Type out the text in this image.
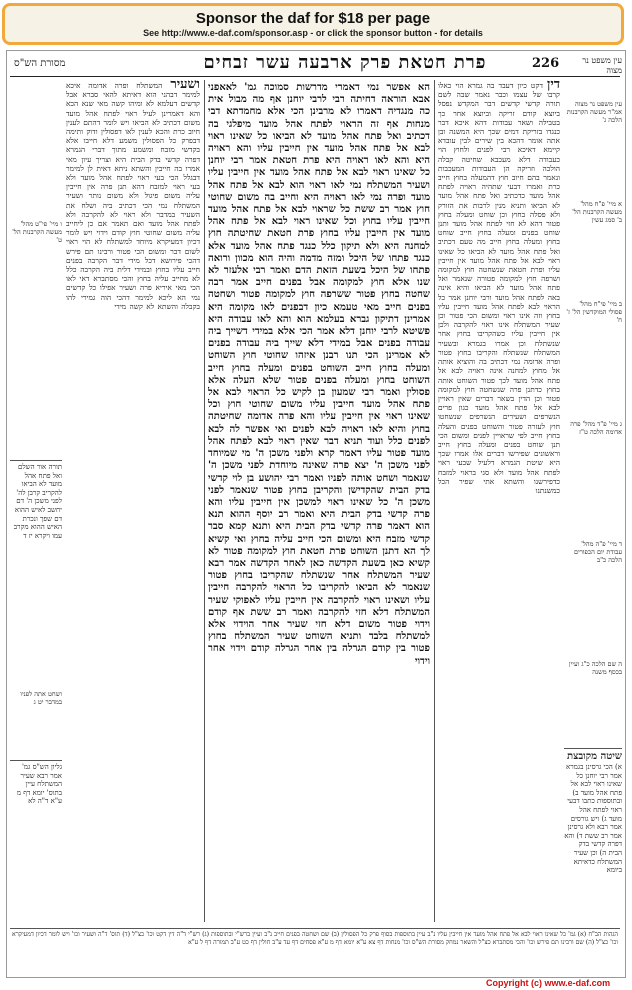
Sponsor the daf for $18 per page
See http://www.e-daf.com/sponsor.asp - or click the sponsor button - for details
226
פרת חטאת פרק ארבעה עשר זבחים
מסורת הש"ס	עין משפט נר מצוה
דין דקט כיון דעבד בה גמרא הוי כאלו קרבו של עצמו וכבר נאמר שבה לשם תורה קדשי קדשים דבר המקדש נפסל ביוצא קודם זריקה וביוצא אחר כך בטבילה ושאר עבודות דהא איכא דבר כנגדו בזריקת דמים שכך היא המשנה ובן אתה אומר דהכא בין שירים לבין עובדא קיימא דאיכא רבי לפנים ולחוץ הוי כעבודה דלא מעכבא שחיטה קבלה הולכה וזריקה הן העבודות המעכבות ונאמר בהם חיוב חוץ דהמעלה בחוץ חייב כרת ואמרו דבעי שתהיה ראויה לפתח אהל מועד כדכתיב ואל פתח אהל מועד לא הביאו ותניא מנין לרבות את הזורק ולא פסלה בחוץ וכן שוחט ומעלה בחוץ פטור דהא לא חזי לפתח אהל מועד ותנן שוחט בפנים ומעלה בחוץ חייב שוחט בחוץ ומעלה בחוץ חייב מה טעם דכתיב ואל פתח אהל מועד לא הביאו כל שאינו ראוי לבא אל פתח אהל מועד אין חייבין עליו ופרת חטאת שנשחטה חוץ למקומה ושרפה חוץ למקומה פטורה שנאמר ואל פתח אהל מועד לא הביאו והיא אינה באה לפתח אהל מועד ורבי יוחנן אמר כל הראוי לבא לפתח אהל מועד חייבין עליו בחוץ וזה אינו ראוי ומשום הכי פטור וכן שעיר המשתלח אינו ראוי להקרבה ולכן אין חייבין עליו כשהקריבו בחוץ אחר שנשתלח וכן אמרו בגמרא ובשעיר המשתלח שנשתלח והקריבו בחוץ פטור ופרה אדומה נמי דכתיב בה והוציא אותה אל מחוץ למחנה אינה ראויה לבא אל פתח אהל מועד לכך פטור השוחט אותה בחוץ כדתנן פרה שנשחטה חוץ למקומה פטור וכן הדין בשאר דברים שאין ראויין לבא אל פתח אהל מועד כגון פרים הנשרפים ושעירים הנשרפים שנשחטו חוץ לעזרה פטור והשוחט בפנים והעלה בחוץ חייב לפי שראויין לפנים ומשום הכי תנן שוחט בפנים ומעלה בחוץ חייב וראשונים שפירשו דברים אלו אמרו שכך היא שיטת הגמרא דלעיל שבעי ראוי לפתח אהל מועד ולא סגי בראוי למזבח כדפירשנו והשתא אתי שפיר הכל כמשנתנו
הא אפשר נמי דאמרי מדרשות סמוכה גמ' לאאפני אבא הוראה דחיתה רבי לרבי יוחנן אף מה מבול אית כה מנגדיה דאמרו לא מרבינן הכי אלא מחמדתא דבי מנחות אף זה הראוי לפתח אהל מועד מיפלגי בה דכתיב ואל פתח אהל מועד לא הביאו כל שאינו ראוי לבא אל פתח אהל מועד אין חייבין עליו והא ראויה היא והא לאו ראויה היא פרת חטאת אמר רבי יוחנן כל שאינו ראוי לבא אל פתח אהל מועד אין חייבין עליו ושעיר המשתלח נמי לאו ראוי הוא לבא אל פתח אהל מועד ופרה נמי לאו ראויה היא וחייב בה משום שחוטי חוץ אמר רב ששת כל שראוי לבא אל פתח אהל מועד חייבין עליו בחוץ וכל שאינו ראוי לבא אל פתח אהל מועד אין חייבין עליו בחוץ פרת חטאת שחיטתה חוץ למחנה היא ולא תיקון כלל כנגד פתח אהל מועד אלא כנגד פתחו של היכל ומזה מדמה והיה הוא מכוון ורואה פתחו של היכל בשעת הזאת הדם ואמר רבי אלעזר לא שנו אלא חוץ למקומה אבל בפנים חייב אמר רבה שחטה בחוץ פטור ששרפה חוץ למקומה פטור ושחטה בפנים חייב מאי טעמא כיון דבפנים לאו מקומה היא אמרינן דתיקון גברא בעלמא הוא והא לאו עבודה היא פשיטא לרבי יוחנן דלא אמר הכי אלא במידי דשייך ביה עבודה בפנים אבל במידי דלא שייך ביה עבודה בפנים לא אמרינן הכי תנו רבנן איזהו שחוטי חוץ השוחט ומעלה בחוץ חייב השוחט בפנים ומעלה בחוץ חייב השוחט בחוץ ומעלה בפנים פטור שלא העלה אלא פסולין ואמר רבי שמעון בן לקיש כל הראוי לבא אל פתח אהל מועד חייבין עליו משום שחוטי חוץ וכל שאינו ראוי אין חייבין עליו והא פרה אדומה שחיטתה בחוץ והיא לאו ראויה לבא לפנים ואי אפשר לה לבא לפנים כלל ועוד תניא דבר שאין ראוי לבא לפתח אהל מועד פטור עליו דאמר קרא ולפני משכן ה' מי שמיוחד לפני משכן ה' יצא פרה שאינה מיוחדת לפני משכן ה' שנאמר ושחט אותה לפניו ואמר רבי יהושע בן לוי קדשי בדק הבית שהקדישן והקריבן בחוץ פטור שנאמר לפני משכן ה' כל שאינו ראוי למשכן אין חייבין עליו והא פרה קדשי בדק הבית היא ואמר רב יוסף ההוא תנא הוא דאמר פרה קדשי בדק הבית היא ותנא קמא סבר קדשי מזבח היא ומשום הכי חייב עליה בחוץ ואי קשיא לך הא דתנן השוחט פרת חטאת חוץ למקומה פטור לא קשיא כאן בשעת הקדשה כאן לאחר הקדשה אמר רבא שעיר המשתלח אחר שנשתלח שהקריבו בחוץ פטור שנאמר לא הביאו להקריבו כל הראוי להקרבה חייבין עליו ושאינו ראוי להקרבה אין חייבין עליו לאפוקי שעיר המשתלח דלא חזי להקרבה ואמר רב ששת אף קודם וידוי פטור משום דלא חזי שעיר אחר הוידוי אלא למשתלח בלבד ותניא השוחט שעיר המשתלח בחוץ פטור בין קודם הגרלה בין אחר הגרלה קודם וידוי אחר וידוי
ושעיר המשתלח ופרה אדומה איכא למימר דבהני הוא דאיתא להאי סברא אבל קדשים דעלמא לא ומיהו קשה מאי שנא הכא והא דאמרינן לעיל ראוי לפתח אהל מועד משום דכתיב לא הביאו ויש לומר דהתם לענין חיוב כרת והכא לענין לאו דפסולין ודוק ותימה דבפרק כל הפסולין משמע דלא חייבו אלא בקדשי מזבח ומשמע מתוך דברי הגמרא דפרה קדשי בדק הבית היא וצריך עיון מאי אמרו בה חייבין והשתא ניחא דאית לן למימר דבגלל הכי בעי ראוי לפתח אהל מועד ולא בעי ראוי למזבח דהא תנן פרה אין חייבין עליה משום פיגול ולא משום נותר ושעיר המשתלח נמי הכי דכתיב ביה ושלח את השעיר במדבר ולא ראוי לא להקרבה ולא לפתח אהל מועד ואם תאמר אם כן ליחייב עליה משום שחוטי חוץ קודם וידוי ויש לומר דכיון דמעיקרא מיוחד למשתלח לא הוי ראוי לשום דבר ומשום הכי פטור ורבינו תם פירש דהכי פירושא דכל מידי דבר הקרבה בפנים חייב עליו בחוץ ובמידי דלית ביה הקרבה כלל לא מחייב עליה בחוץ והכי מסתברא דאי לאו הכי מאי איריא פרה ושעיר אפילו כל קדשים נמי הא ליכא למימר דהכי הוה גמירי להו בקבלה והשתא לא קשה מידי
עין משפט נר מצוה אמ"ר מעשה הקרבנות הלכה ג'
א מיי' פ"ח מהל' מעשה הקרבנות הל' ב' סמג עשין
ב מיי' פי"ח מהל' פסולי המוקדשין הל' ז' ח'
ג מיי' פ"ד מהל' פרה אדומה הלכה ט"ז
ד מיי' פ"ה מהל' עבודת יום הכפורים הלכה כ"ב
ה שם הלכה כ"ג ועיין בכסף משנה
שיטה מקובצת
א) הכי גרסינן בגמרא אמר רבי יוחנן כל שאינו ראוי לבא אל פתח אהל מועד ב) ובתוספות כתבו דבעי ראוי לפתח אהל מועד ג) ויש גורסים אמר רבא ולא גרסינן אמר רב ששת ד) והא דפרה קדשי בדק הבית ה) וכן שעיר המשתלח כדאיתא ביומא
ו מיי' פי"ט מהל' מעשה הקרבנות הל' ט'
תורה אור השלם ואל פתח אהל מועד לא הביאו להקריב קרבן לה' לפני משכן ה' דם יחשב לאיש ההוא דם שפך ונכרת האיש ההוא מקרב עמו ויקרא יז ד
ושחט אתה לפניו במדבר יט ג
גליון הש"ס גמ' אמר רבא שעיר המשתלח עיין בתוס' יומא דף מ ע"א ד"ה לא
הגהות הב"ח (א) גמ' כל שאינו ראוי לבא אל פתח אהל מועד אין חייבין עליו נ"ב עיין בתוספות בסוף פרק כל הפסולין (ב) שם ושחטה בפנים חייב נ"ב ועיין ברש"י ובתוספות (ג) רש"י ד"ה דין דקט וכו' כצ"ל (ד) תוס' ד"ה ושעיר וכו' ויש לומר דכיון דמעיקרא וכו' כצ"ל (ה) שם ורבינו תם פירש וכו' והכי מסתברא כצ"ל והשאר נמחק מסורת הש"ס וכו' מנחות דף צא ע"א יומא דף מ ע"א פסחים דף עד ע"ב חולין דף כט ע"ב תמורה דף ל ע"א
Copyright (c) www.e-daf.com
